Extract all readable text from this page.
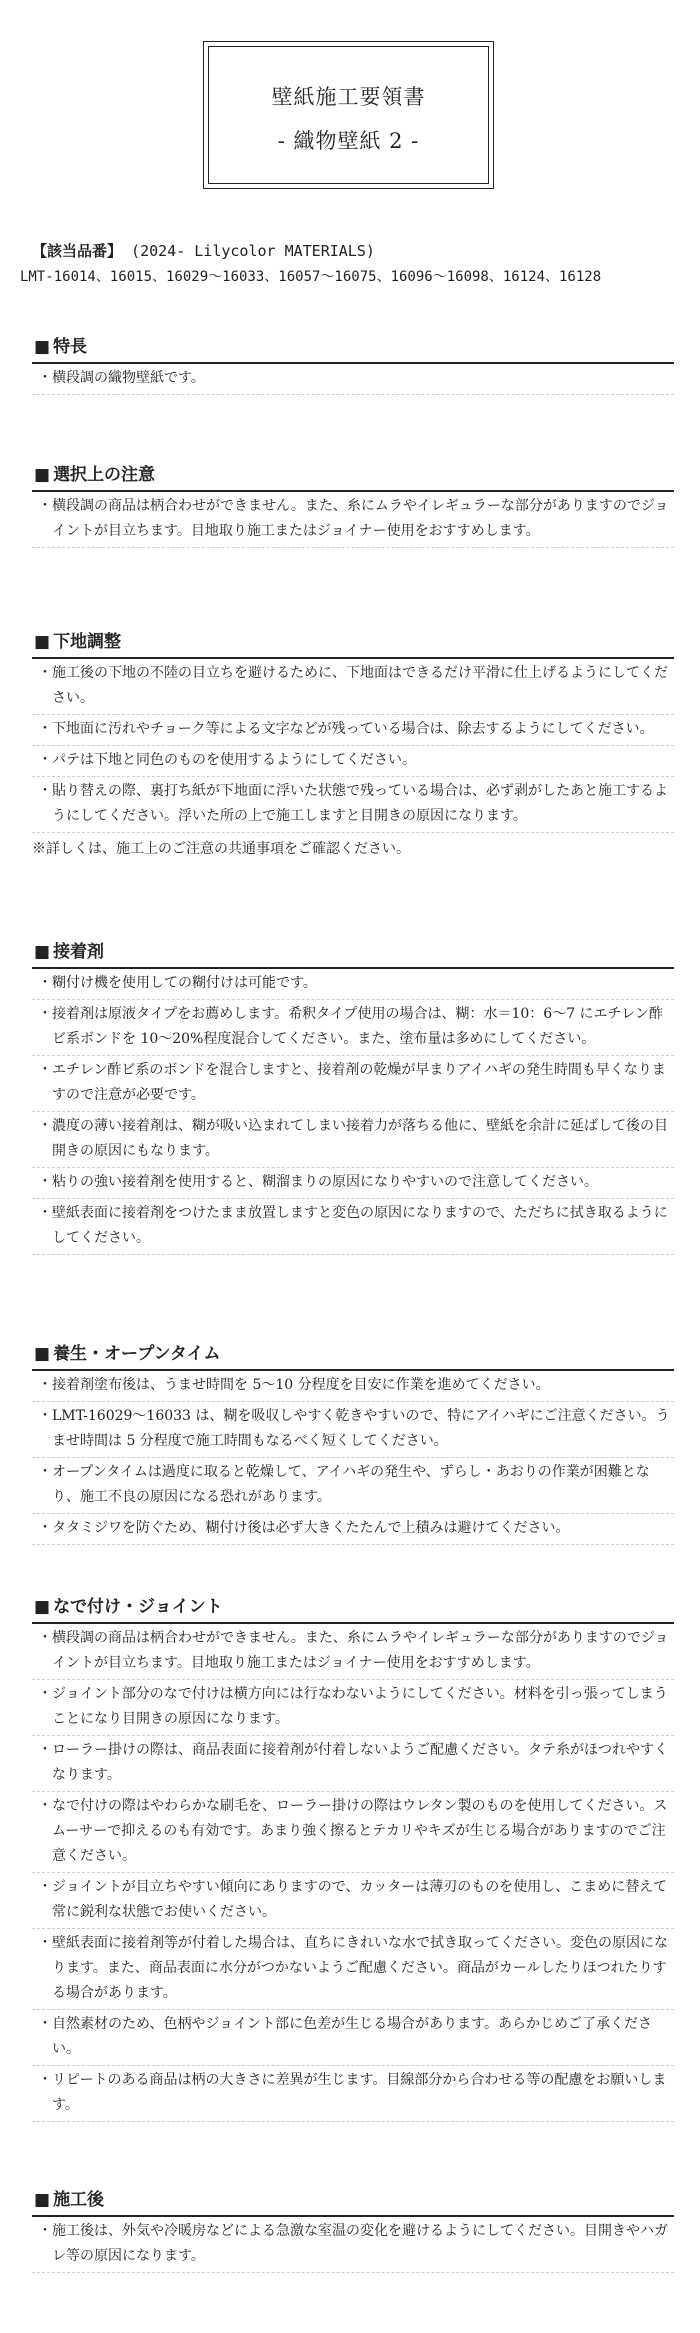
壁紙施工要領書
- 織物壁紙 2 -
【該当品番】 (2024- Lilycolor MATERIALS)
LMT-16014、16015、16029～16033、16057～16075、16096～16098、16124、16128
■ 特長
・ 横段調の織物壁紙です。
■ 選択上の注意
・ 横段調の商品は柄合わせができません。また、糸にムラやイレギュラーな部分がありますのでジョイントが目立ちます。目地取り施工またはジョイナー使用をおすすめします。
■ 下地調整
・ 施工後の下地の不陸の目立ちを避けるために、下地面はできるだけ平滑に仕上げるようにしてください。
・ 下地面に汚れやチョーク等による文字などが残っている場合は、除去するようにしてください。
・ パテは下地と同色のものを使用するようにしてください。
・ 貼り替えの際、裏打ち紙が下地面に浮いた状態で残っている場合は、必ず剥がしたあと施工するようにしてください。浮いた所の上で施工しますと目開きの原因になります。
※詳しくは、施工上のご注意の共通事項をご確認ください。
■ 接着剤
・ 糊付け機を使用しての糊付けは可能です。
・ 接着剤は原液タイプをお薦めします。希釈タイプ使用の場合は、糊：水＝10：6～7 にエチレン酢ビ系ボンドを 10～20%程度混合してください。また、塗布量は多めにしてください。
・ エチレン酢ビ系のボンドを混合しますと、接着剤の乾燥が早まりアイハギの発生時間も早くなりますので注意が必要です。
・ 濃度の薄い接着剤は、糊が吸い込まれてしまい接着力が落ちる他に、壁紙を余計に延ばして後の目開きの原因にもなります。
・ 粘りの強い接着剤を使用すると、糊溜まりの原因になりやすいので注意してください。
・ 壁紙表面に接着剤をつけたまま放置しますと変色の原因になりますので、ただちに拭き取るようにしてください。
■ 養生・オープンタイム
・ 接着剤塗布後は、うませ時間を 5～10 分程度を目安に作業を進めてください。
・ LMT-16029～16033 は、糊を吸収しやすく乾きやすいので、特にアイハギにご注意ください。うませ時間は 5 分程度で施工時間もなるべく短くしてください。
・ オープンタイムは過度に取ると乾燥して、アイハギの発生や、ずらし・あおりの作業が困難となり、施工不良の原因になる恐れがあります。
・ タタミジワを防ぐため、糊付け後は必ず大きくたたんで上積みは避けてください。
■ なで付け・ジョイント
・ 横段調の商品は柄合わせができません。また、糸にムラやイレギュラーな部分がありますのでジョイントが目立ちます。目地取り施工またはジョイナー使用をおすすめします。
・ ジョイント部分のなで付けは横方向には行なわないようにしてください。材料を引っ張ってしまうことになり目開きの原因になります。
・ ローラー掛けの際は、商品表面に接着剤が付着しないようご配慮ください。タテ糸がほつれやすくなります。
・ なで付けの際はやわらかな刷毛を、ローラー掛けの際はウレタン製のものを使用してください。スムーサーで抑えるのも有効です。あまり強く擦るとテカリやキズが生じる場合がありますのでご注意ください。
・ ジョイントが目立ちやすい傾向にありますので、カッターは薄刃のものを使用し、こまめに替えて常に鋭利な状態でお使いください。
・ 壁紙表面に接着剤等が付着した場合は、直ちにきれいな水で拭き取ってください。変色の原因になります。また、商品表面に水分がつかないようご配慮ください。商品がカールしたりほつれたりする場合があります。
・ 自然素材のため、色柄やジョイント部に色差が生じる場合があります。あらかじめご了承ください。
・ リピートのある商品は柄の大きさに差異が生じます。目線部分から合わせる等の配慮をお願いします。
■ 施工後
・ 施工後は、外気や冷暖房などによる急激な室温の変化を避けるようにしてください。目開きやハガレ等の原因になります。
